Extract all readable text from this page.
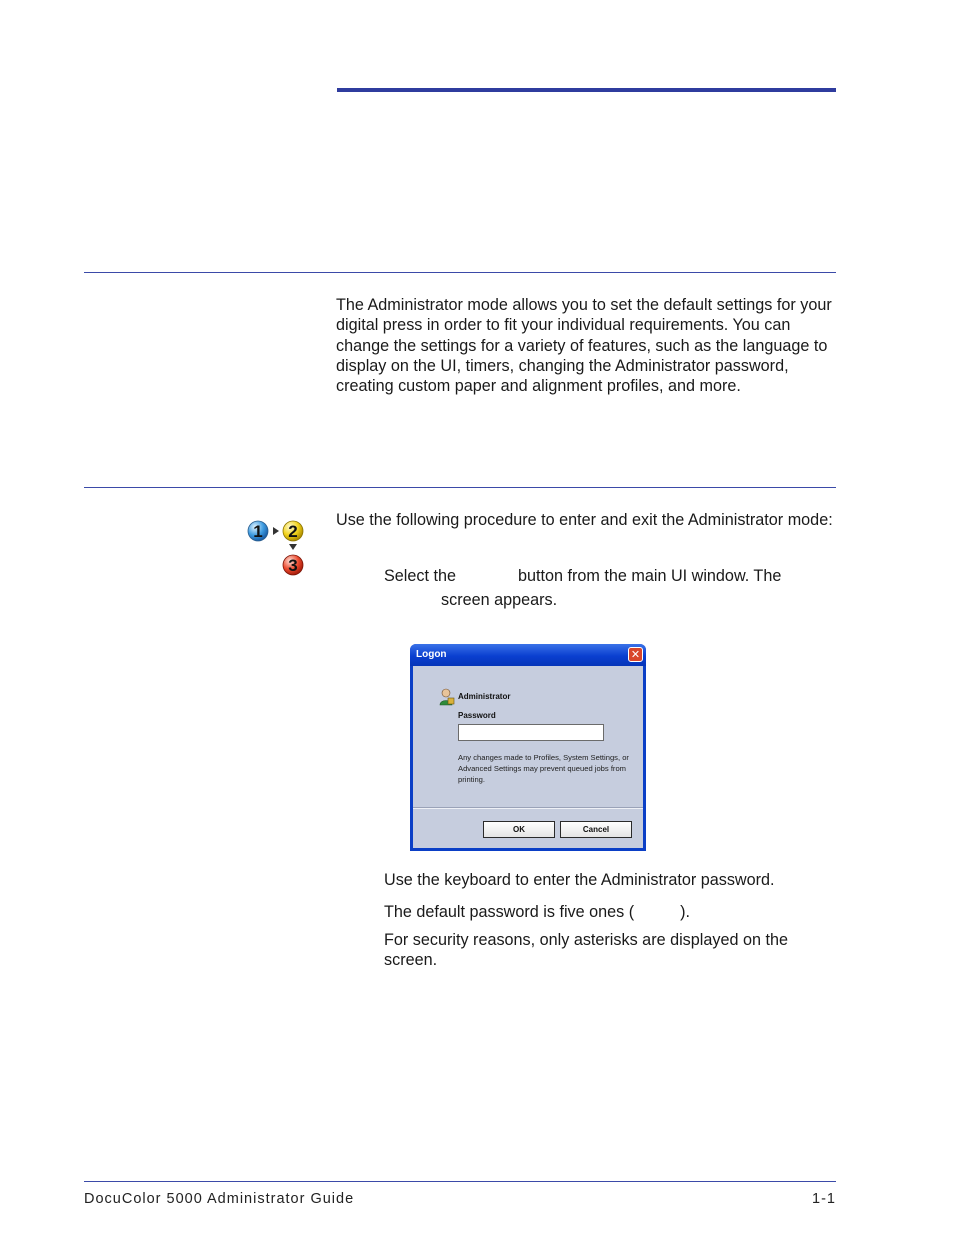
The Administrator mode allows you to set the default settings for your digital press in order to fit your individual requirements. You can change the settings for a variety of features, such as the language to display on the UI, timers, changing the Administrator password, creating custom paper and alignment profiles, and more.

1 2
3

Use the following procedure to enter and exit the Administrator mode:

Select the	button from the main UI window. The

screen appears.

Logon	✕
Administrator
Password
Any changes made to Profiles, System Settings, or Advanced Settings may prevent queued jobs from printing.
OK	Cancel

Use the keyboard to enter the Administrator password.

The default password is five ones (	).

For security reasons, only asterisks are displayed on the screen.

DocuColor 5000 Administrator Guide	1-1
